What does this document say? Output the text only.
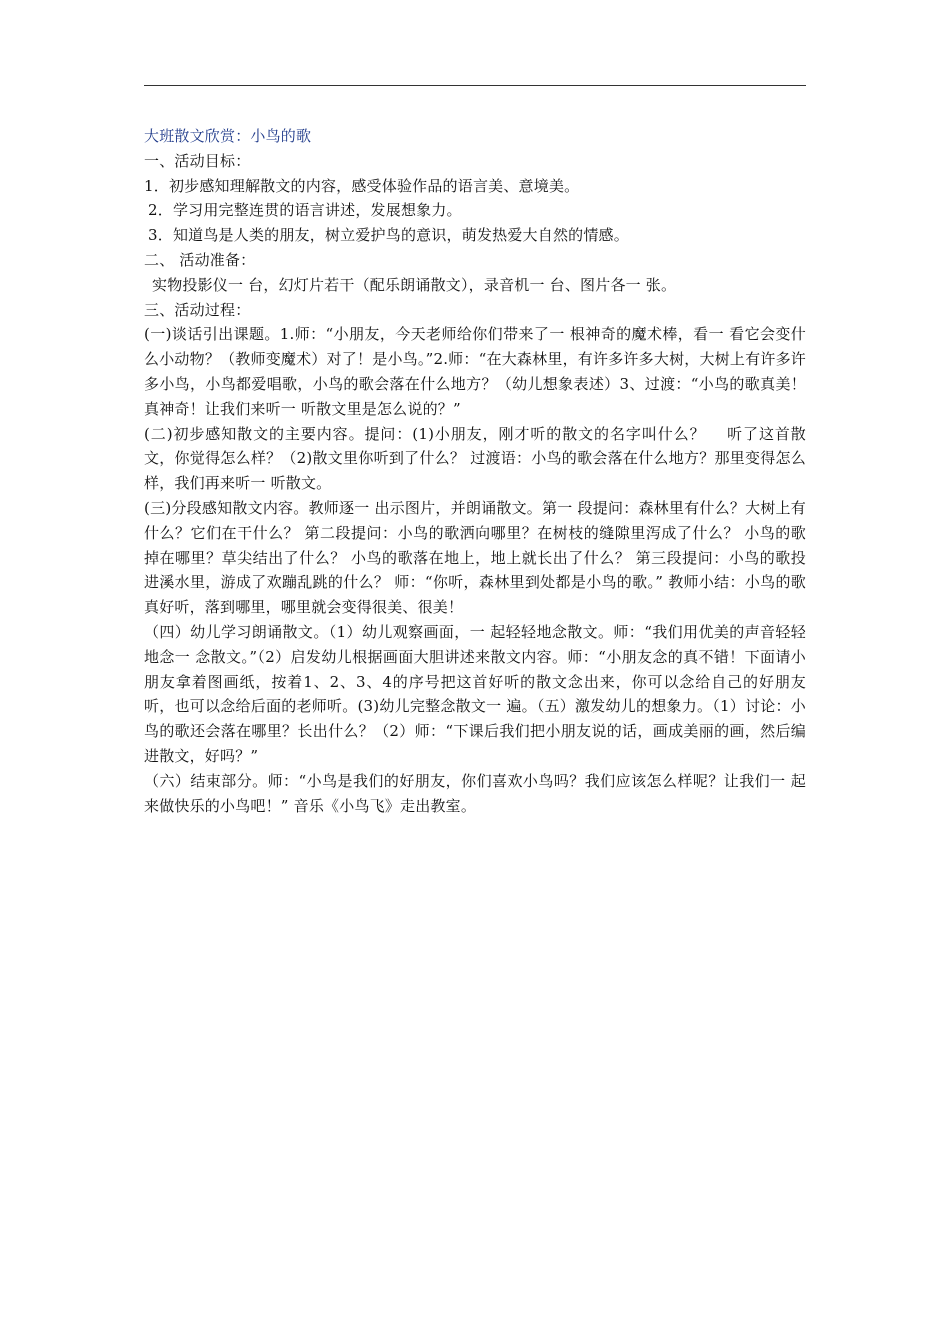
大班散文欣赏：小鸟的歌

一、活动目标：

1．初步感知理解散文的内容，感受体验作品的语言美、意境美。

2．学习用完整连贯的语言讲述，发展想象力。

3．知道鸟是人类的朋友，树立爱护鸟的意识，萌发热爱大自然的情感。

二、 活动准备：

实物投影仪一 台，幻灯片若干（配乐朗诵散文），录音机一 台、图片各一 张。

三、活动过程：

(一)谈话引出课题。1.师：“小朋友，今天老师给你们带来了一 根神奇的魔术棒，看一 看它会变什么小动物？（教师变魔术）对了！是小鸟。”2.师：“在大森林里，有许多许多大树，大树上有许多许多小鸟，小鸟都爱唱歌，小鸟的歌会落在什么地方？（幼儿想象表述）3、过渡：“小鸟的歌真美！真神奇！让我们来听一 听散文里是怎么说的？”

(二)初步感知散文的主要内容。提问：(1)小朋友，刚才听的散文的名字叫什么？　 听了这首散文，你觉得怎么样？（2)散文里你听到了什么？ 过渡语：小鸟的歌会落在什么地方？那里变得怎么样，我们再来听一 听散文。

(三)分段感知散文内容。教师逐一 出示图片，并朗诵散文。第一 段提问：森林里有什么？大树上有什么？它们在干什么？ 第二段提问：小鸟的歌洒向哪里？在树枝的缝隙里泻成了什么？ 小鸟的歌掉在哪里？草尖结出了什么？ 小鸟的歌落在地上，地上就长出了什么？ 第三段提问：小鸟的歌投进溪水里，游成了欢蹦乱跳的什么？ 师：“你听，森林里到处都是小鸟的歌。” 教师小结：小鸟的歌真好听，落到哪里，哪里就会变得很美、很美！

（四）幼儿学习朗诵散文。（1）幼儿观察画面，一 起轻轻地念散文。师：“我们用优美的声音轻轻地念一 念散文。”（2）启发幼儿根据画面大胆讲述来散文内容。师：“小朋友念的真不错！下面请小朋友拿着图画纸，按着1、2、3、4的序号把这首好听的散文念出来，你可以念给自己的好朋友听，也可以念给后面的老师听。(3)幼儿完整念散文一 遍。（五）激发幼儿的想象力。（1）讨论：小鸟的歌还会落在哪里？长出什么？（2）师：“下课后我们把小朋友说的话，画成美丽的画，然后编进散文，好吗？”

（六）结束部分。师：“小鸟是我们的好朋友，你们喜欢小鸟吗？我们应该怎么样呢？让我们一 起来做快乐的小鸟吧！” 音乐《小鸟飞》走出教室。
